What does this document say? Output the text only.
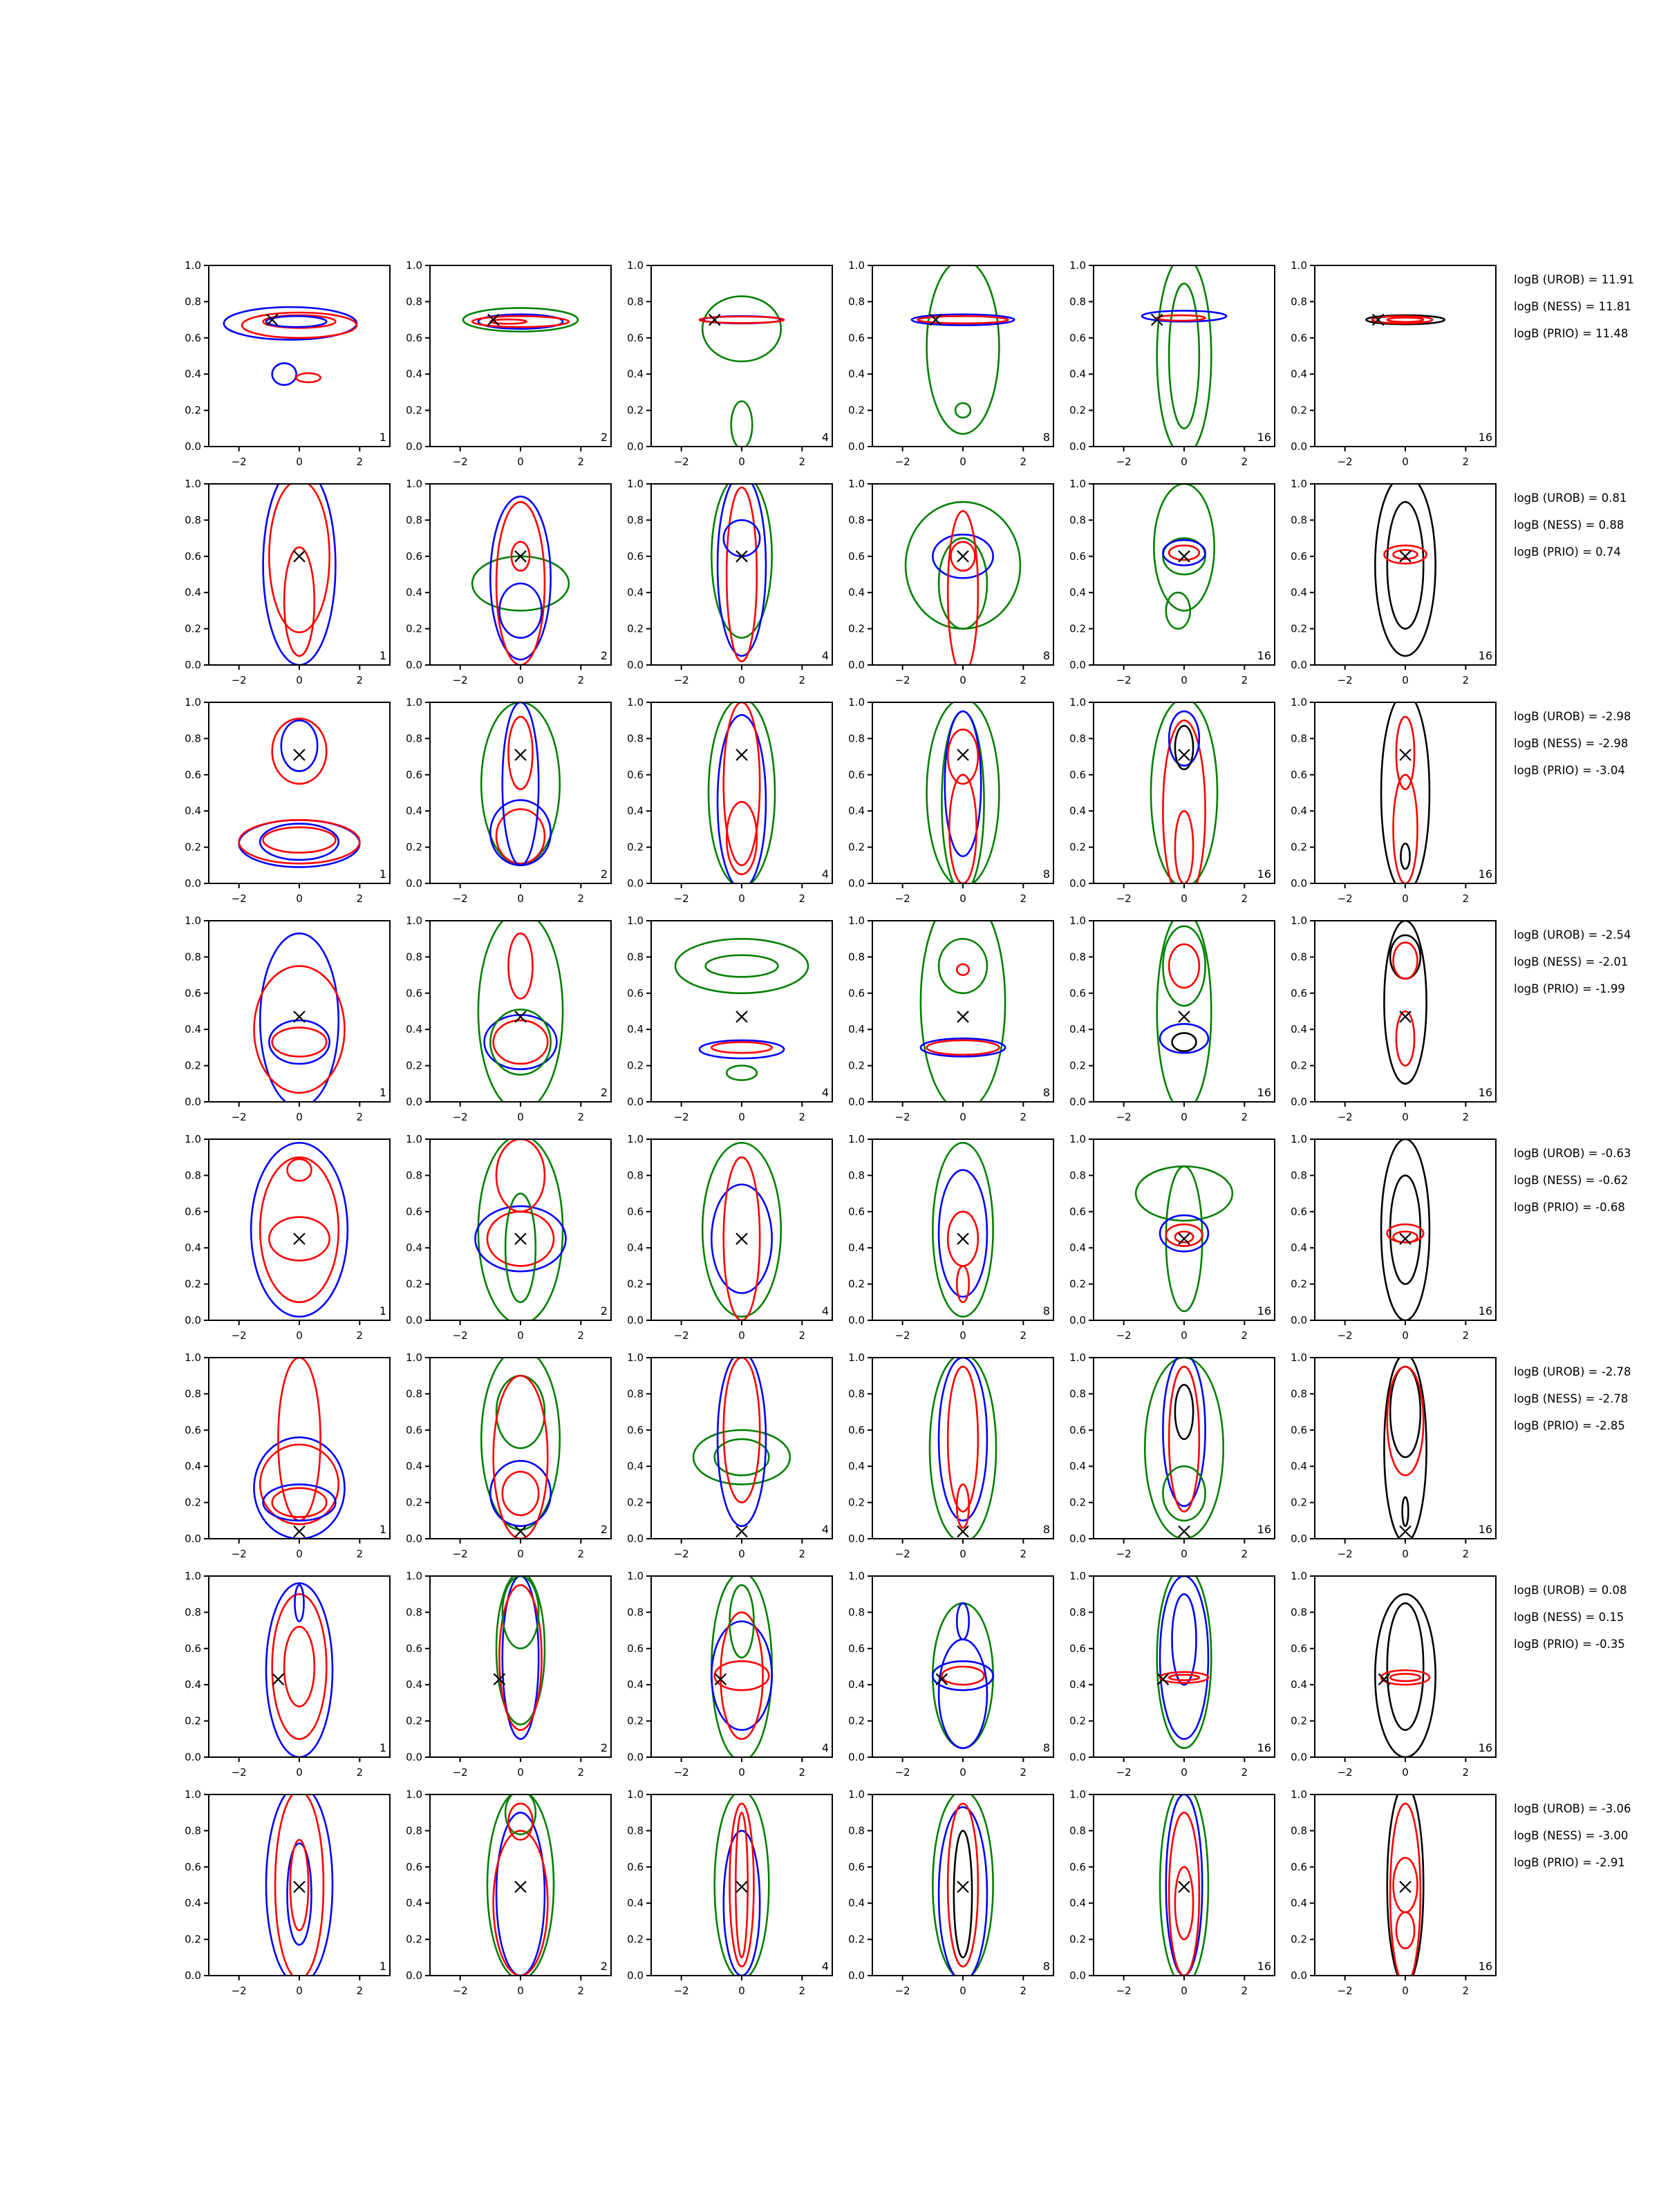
−2	0	2
0.0
0.2
0.4
0.6
0.8
1.0
1
−2	0	2
0.0
0.2
0.4
0.6
0.8
1.0
2
−2	0	2
0.0
0.2
0.4
0.6
0.8
1.0
4
−2	0	2
0.0
0.2
0.4
0.6
0.8
1.0
8
−2	0	2
0.0
0.2
0.4
0.6
0.8
1.0
16
−2	0	2
0.0
0.2
0.4
0.6
0.8
1.0
16
logB (UROB) = 11.91
logB (NESS) = 11.81
logB (PRIO) = 11.48
−2	0	2
0.0
0.2
0.4
0.6
0.8
1.0
1
−2	0	2
0.0
0.2
0.4
0.6
0.8
1.0
2
−2	0	2
0.0
0.2
0.4
0.6
0.8
1.0
4
−2	0	2
0.0
0.2
0.4
0.6
0.8
1.0
8
−2	0	2
0.0
0.2
0.4
0.6
0.8
1.0
16
−2	0	2
0.0
0.2
0.4
0.6
0.8
1.0
16
logB (UROB) = 0.81
logB (NESS) = 0.88
logB (PRIO) = 0.74
−2	0	2
0.0
0.2
0.4
0.6
0.8
1.0
1
−2	0	2
0.0
0.2
0.4
0.6
0.8
1.0
2
−2	0	2
0.0
0.2
0.4
0.6
0.8
1.0
4
−2	0	2
0.0
0.2
0.4
0.6
0.8
1.0
8
−2	0	2
0.0
0.2
0.4
0.6
0.8
1.0
16
−2	0	2
0.0
0.2
0.4
0.6
0.8
1.0
16
logB (UROB) = -2.98
logB (NESS) = -2.98
logB (PRIO) = -3.04
−2	0	2
0.0
0.2
0.4
0.6
0.8
1.0
1
−2	0	2
0.0
0.2
0.4
0.6
0.8
1.0
2
−2	0	2
0.0
0.2
0.4
0.6
0.8
1.0
4
−2	0	2
0.0
0.2
0.4
0.6
0.8
1.0
8
−2	0	2
0.0
0.2
0.4
0.6
0.8
1.0
16
−2	0	2
0.0
0.2
0.4
0.6
0.8
1.0
16
logB (UROB) = -2.54
logB (NESS) = -2.01
logB (PRIO) = -1.99
−2	0	2
0.0
0.2
0.4
0.6
0.8
1.0
1
−2	0	2
0.0
0.2
0.4
0.6
0.8
1.0
2
−2	0	2
0.0
0.2
0.4
0.6
0.8
1.0
4
−2	0	2
0.0
0.2
0.4
0.6
0.8
1.0
8
−2	0	2
0.0
0.2
0.4
0.6
0.8
1.0
16
−2	0	2
0.0
0.2
0.4
0.6
0.8
1.0
16
logB (UROB) = -0.63
logB (NESS) = -0.62
logB (PRIO) = -0.68
−2	0	2
0.0
0.2
0.4
0.6
0.8
1.0
1
−2	0	2
0.0
0.2
0.4
0.6
0.8
1.0
2
−2	0	2
0.0
0.2
0.4
0.6
0.8
1.0
4
−2	0	2
0.0
0.2
0.4
0.6
0.8
1.0
8
−2	0	2
0.0
0.2
0.4
0.6
0.8
1.0
16
−2	0	2
0.0
0.2
0.4
0.6
0.8
1.0
16
logB (UROB) = -2.78
logB (NESS) = -2.78
logB (PRIO) = -2.85
−2	0	2
0.0
0.2
0.4
0.6
0.8
1.0
1
−2	0	2
0.0
0.2
0.4
0.6
0.8
1.0
2
−2	0	2
0.0
0.2
0.4
0.6
0.8
1.0
4
−2	0	2
0.0
0.2
0.4
0.6
0.8
1.0
8
−2	0	2
0.0
0.2
0.4
0.6
0.8
1.0
16
−2	0	2
0.0
0.2
0.4
0.6
0.8
1.0
16
logB (UROB) = 0.08
logB (NESS) = 0.15
logB (PRIO) = -0.35
−2	0	2
0.0
0.2
0.4
0.6
0.8
1.0
1
−2	0	2
0.0
0.2
0.4
0.6
0.8
1.0
2
−2	0	2
0.0
0.2
0.4
0.6
0.8
1.0
4
−2	0	2
0.0
0.2
0.4
0.6
0.8
1.0
8
−2	0	2
0.0
0.2
0.4
0.6
0.8
1.0
16
−2	0	2
0.0
0.2
0.4
0.6
0.8
1.0
16
logB (UROB) = -3.06
logB (NESS) = -3.00
logB (PRIO) = -2.91
